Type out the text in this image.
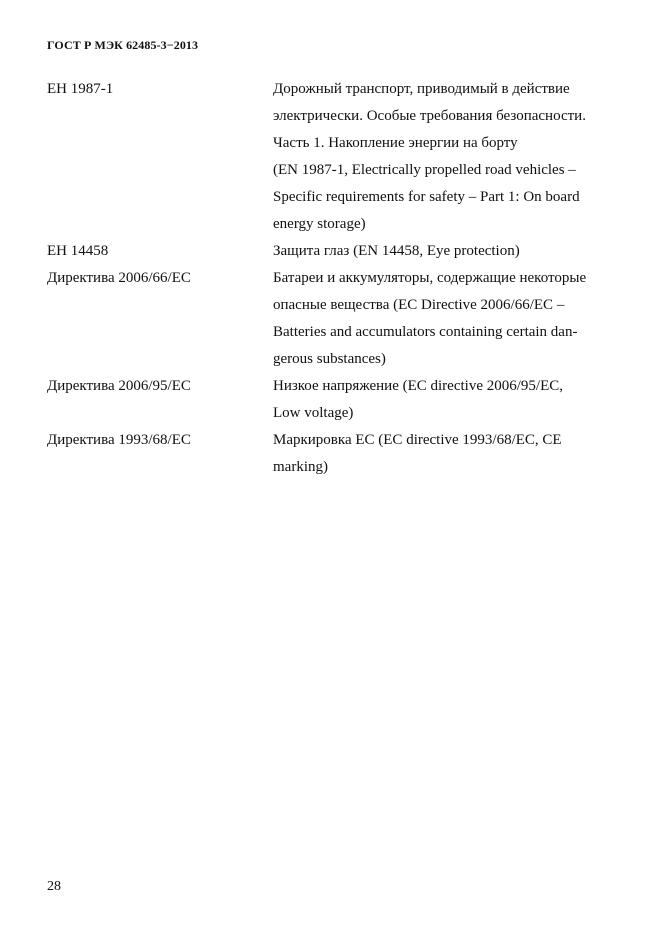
ГОСТ Р МЭК 62485-3−2013
ЕН 1987-1	Дорожный транспорт, приводимый в действие
электрически. Особые требования безопасности.
Часть 1. Накопление энергии на борту
(EN 1987-1, Electrically propelled road vehicles –
Specific requirements for safety – Part 1: On board
energy storage)
ЕН 14458	Защита глаз (EN 14458, Eye protection)
Директива 2006/66/ЕС	Батареи и аккумуляторы, содержащие некоторые
опасные вещества (EC Directive 2006/66/EC –
Batteries and accumulators containing certain dan-
gerous substances)
Директива 2006/95/ЕС	Низкое напряжение (EC directive 2006/95/EC,
Low voltage)
Директива 1993/68/ЕС	Маркировка ЕС (EC directive 1993/68/EC, CE
marking)
28
